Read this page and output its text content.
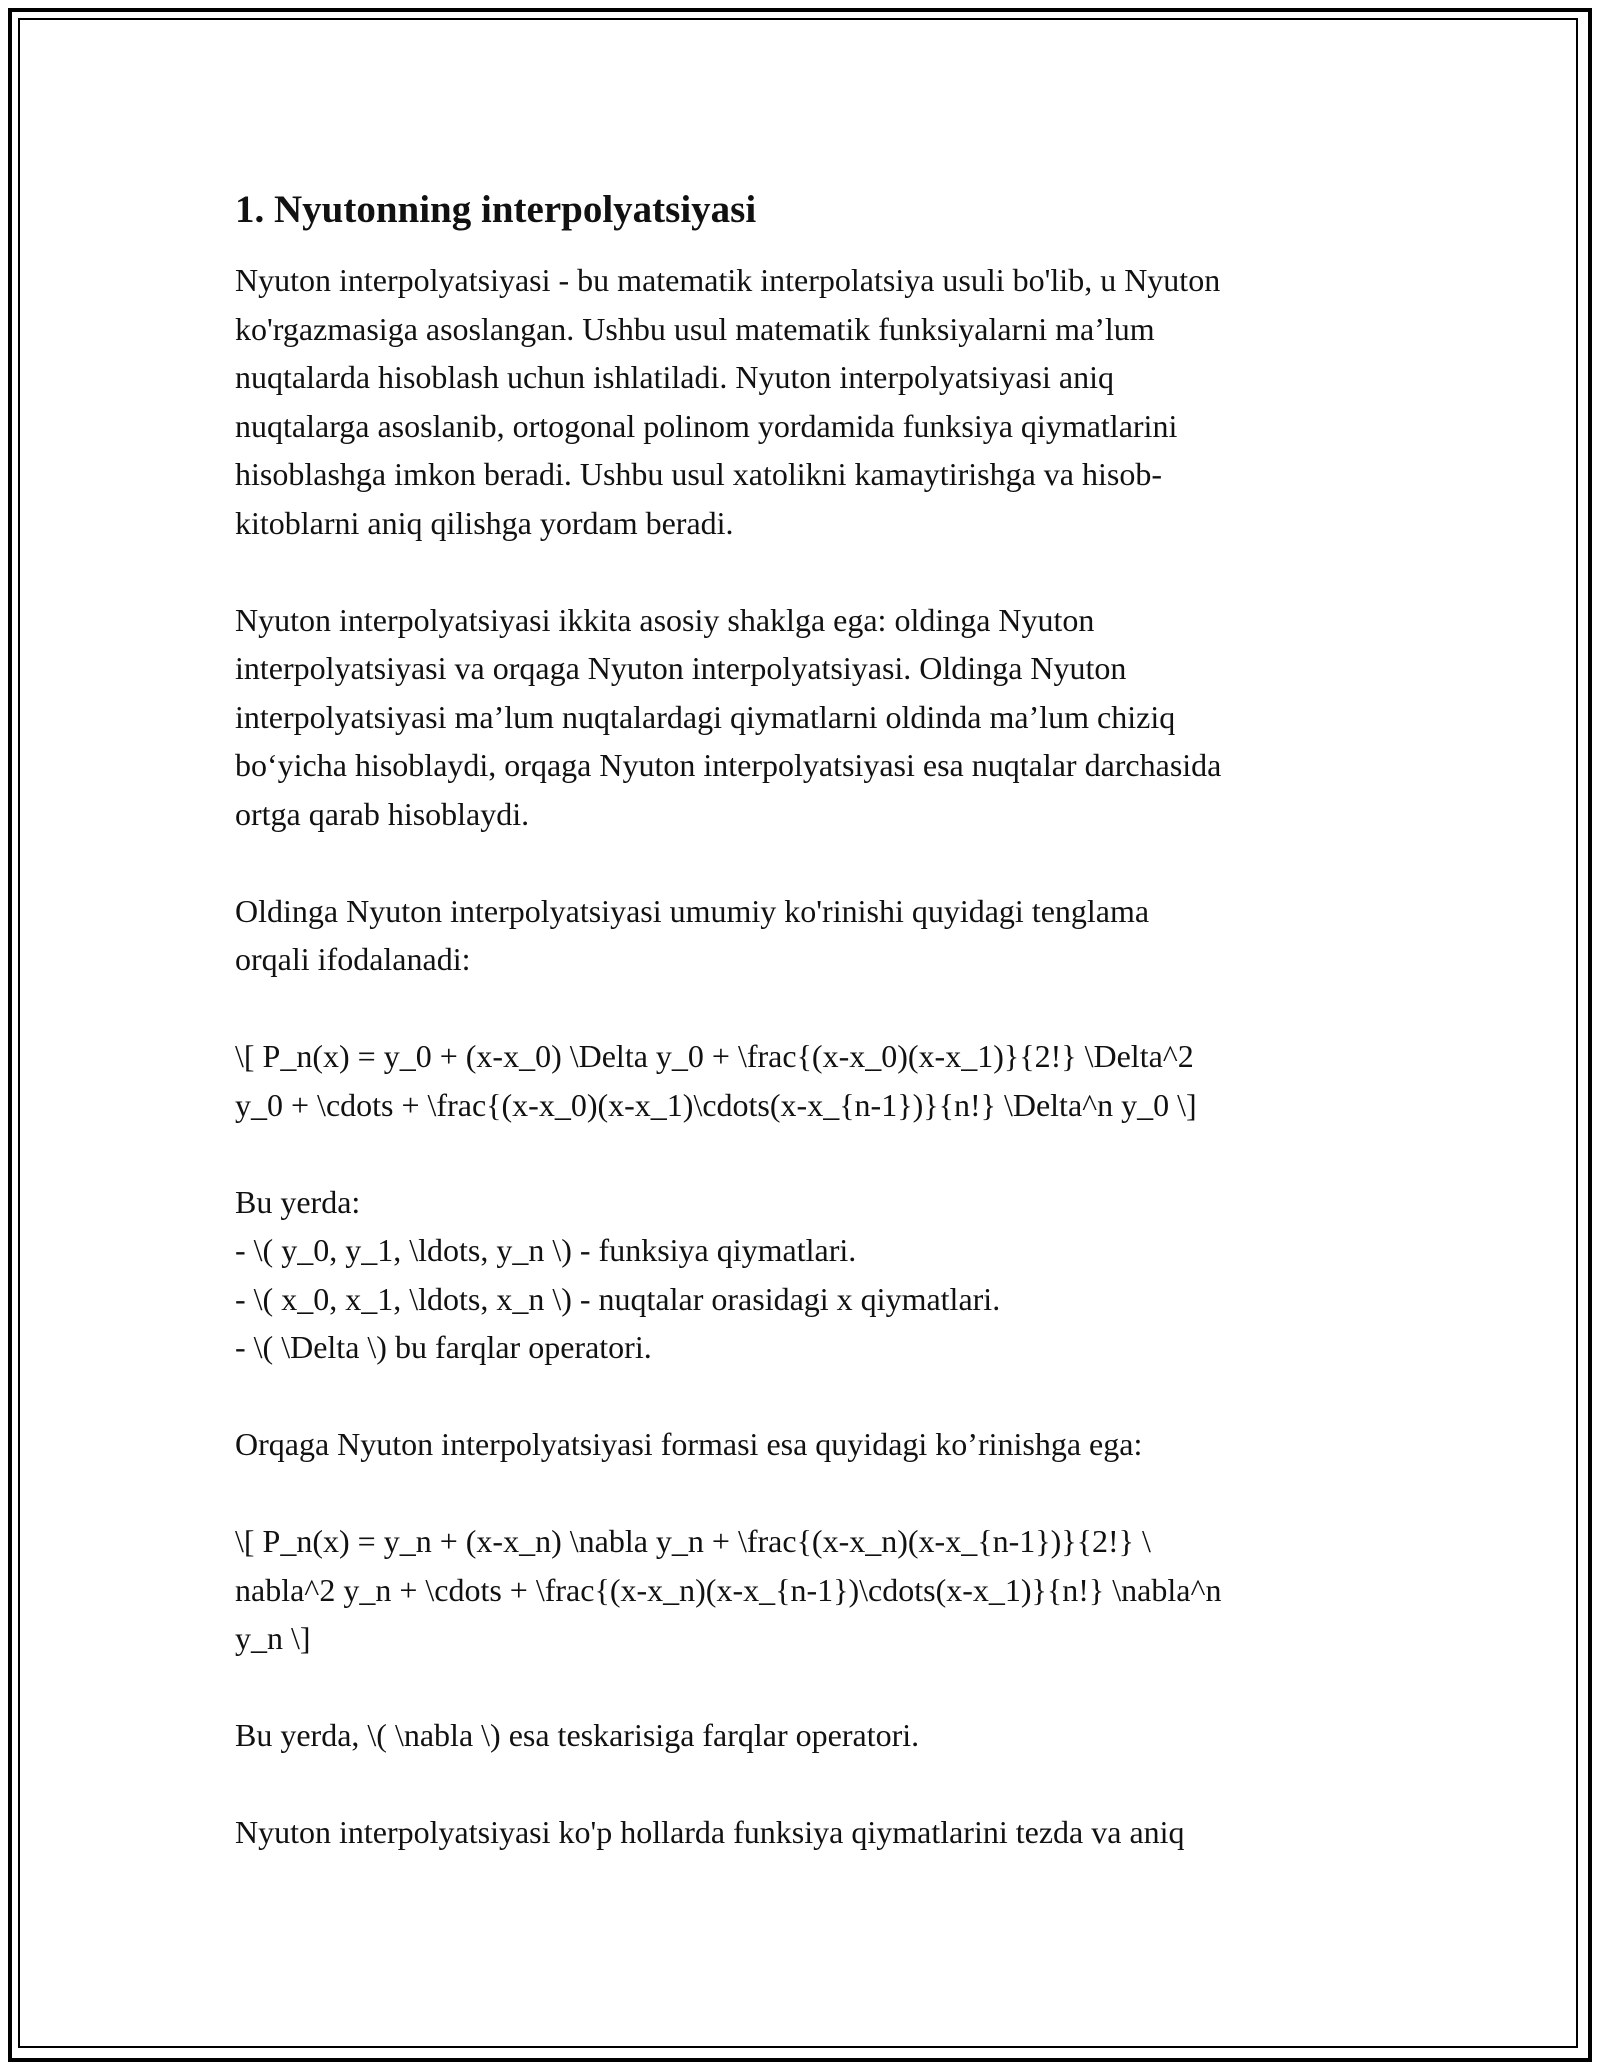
1. Nyutonning interpolyatsiyasi
Nyuton interpolyatsiyasi - bu matematik interpolatsiya usuli bo'lib, u Nyuton
ko'rgazmasiga asoslangan. Ushbu usul matematik funksiyalarni ma’lum
nuqtalarda hisoblash uchun ishlatiladi. Nyuton interpolyatsiyasi aniq
nuqtalarga asoslanib, ortogonal polinom yordamida funksiya qiymatlarini
hisoblashga imkon beradi. Ushbu usul xatolikni kamaytirishga va hisob-
kitoblarni aniq qilishga yordam beradi.
Nyuton interpolyatsiyasi ikkita asosiy shaklga ega: oldinga Nyuton
interpolyatsiyasi va orqaga Nyuton interpolyatsiyasi. Oldinga Nyuton
interpolyatsiyasi ma’lum nuqtalardagi qiymatlarni oldinda ma’lum chiziq
bo‘yicha hisoblaydi, orqaga Nyuton interpolyatsiyasi esa nuqtalar darchasida
ortga qarab hisoblaydi.
Oldinga Nyuton interpolyatsiyasi umumiy ko'rinishi quyidagi tenglama
orqali ifodalanadi:
\[ P_n(x) = y_0 + (x-x_0) \Delta y_0 + \frac{(x-x_0)(x-x_1)}{2!} \Delta^2
y_0 + \cdots + \frac{(x-x_0)(x-x_1)\cdots(x-x_{n-1})}{n!} \Delta^n y_0 \]
Bu yerda:
- \( y_0, y_1, \ldots, y_n \) - funksiya qiymatlari.
- \( x_0, x_1, \ldots, x_n \) - nuqtalar orasidagi x qiymatlari.
- \( \Delta \) bu farqlar operatori.
Orqaga Nyuton interpolyatsiyasi formasi esa quyidagi ko’rinishga ega:
\[ P_n(x) = y_n + (x-x_n) \nabla y_n + \frac{(x-x_n)(x-x_{n-1})}{2!} \
nabla^2 y_n + \cdots + \frac{(x-x_n)(x-x_{n-1})\cdots(x-x_1)}{n!} \nabla^n
y_n \]
Bu yerda, \( \nabla \) esa teskarisiga farqlar operatori.
Nyuton interpolyatsiyasi ko'p hollarda funksiya qiymatlarini tezda va aniq
